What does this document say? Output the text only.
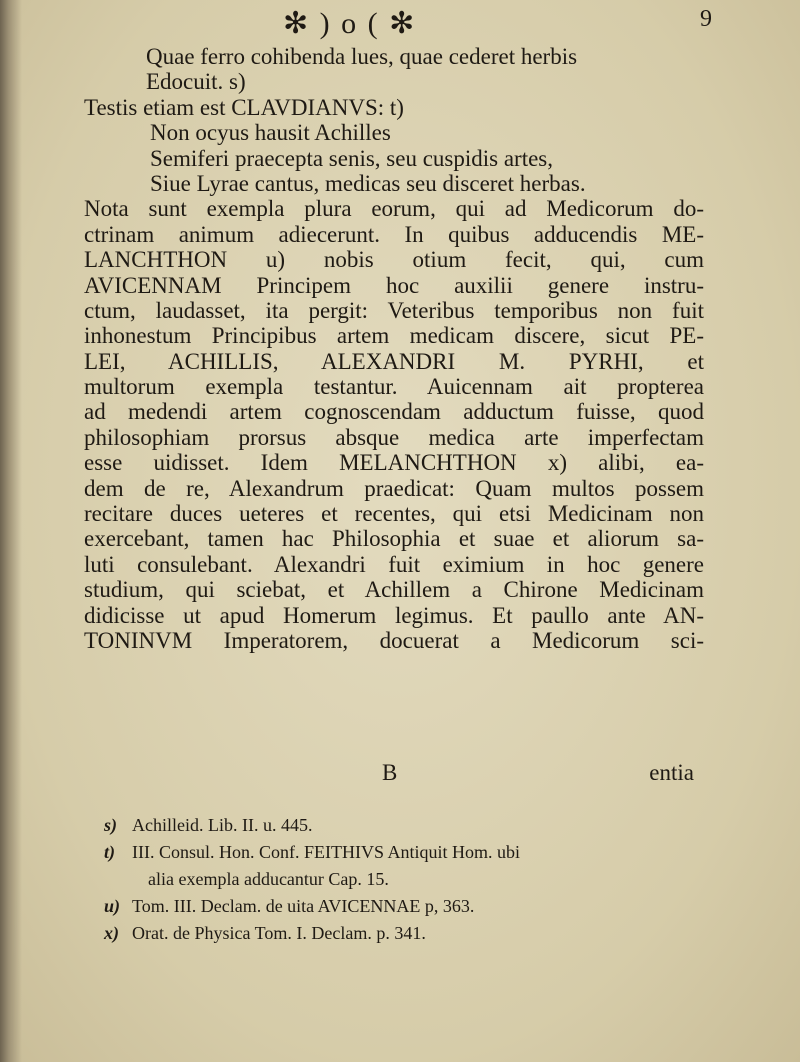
✻ ) o ( ✻	9
Quae ferro cohibenda lues, quae cederet herbis
Edocuit. s)
Testis etiam est CLAVDIANVS: t)
Non ocyus hausit Achilles
Semiferi praecepta senis, seu cuspidis artes,
Siue Lyrae cantus, medicas seu disceret herbas.
Nota sunt exempla plura eorum, qui ad Medicorum do-
ctrinam animum adiecerunt. In quibus adducendis ME-
LANCHTHON u) nobis otium fecit, qui, cum
AVICENNAM Principem hoc auxilii genere instru-
ctum, laudasset, ita pergit: Veteribus temporibus non fuit
inhonestum Principibus artem medicam discere, sicut PE-
LEI, ACHILLIS, ALEXANDRI M. PYRHI, et
multorum exempla testantur. Auicennam ait propterea
ad medendi artem cognoscendam adductum fuisse, quod
philosophiam prorsus absque medica arte imperfectam
esse uidisset. Idem MELANCHTHON x) alibi, ea-
dem de re, Alexandrum praedicat: Quam multos possem
recitare duces ueteres et recentes, qui etsi Medicinam non
exercebant, tamen hac Philosophia et suae et aliorum sa-
luti consulebant. Alexandri fuit eximium in hoc genere
studium, qui sciebat, et Achillem a Chirone Medicinam
didicisse ut apud Homerum legimus. Et paullo ante AN-
TONINVM Imperatorem, docuerat a Medicorum sci-
B	entia
s) Achilleid. Lib. II. u. 445.
t) III. Consul. Hon. Conf. FEITHIVS Antiquit Hom. ubi
alia exempla adducantur Cap. 15.
u) Tom. III. Declam. de uita AVICENNAE p, 363.
x) Orat. de Physica Tom. I. Declam. p. 341.
